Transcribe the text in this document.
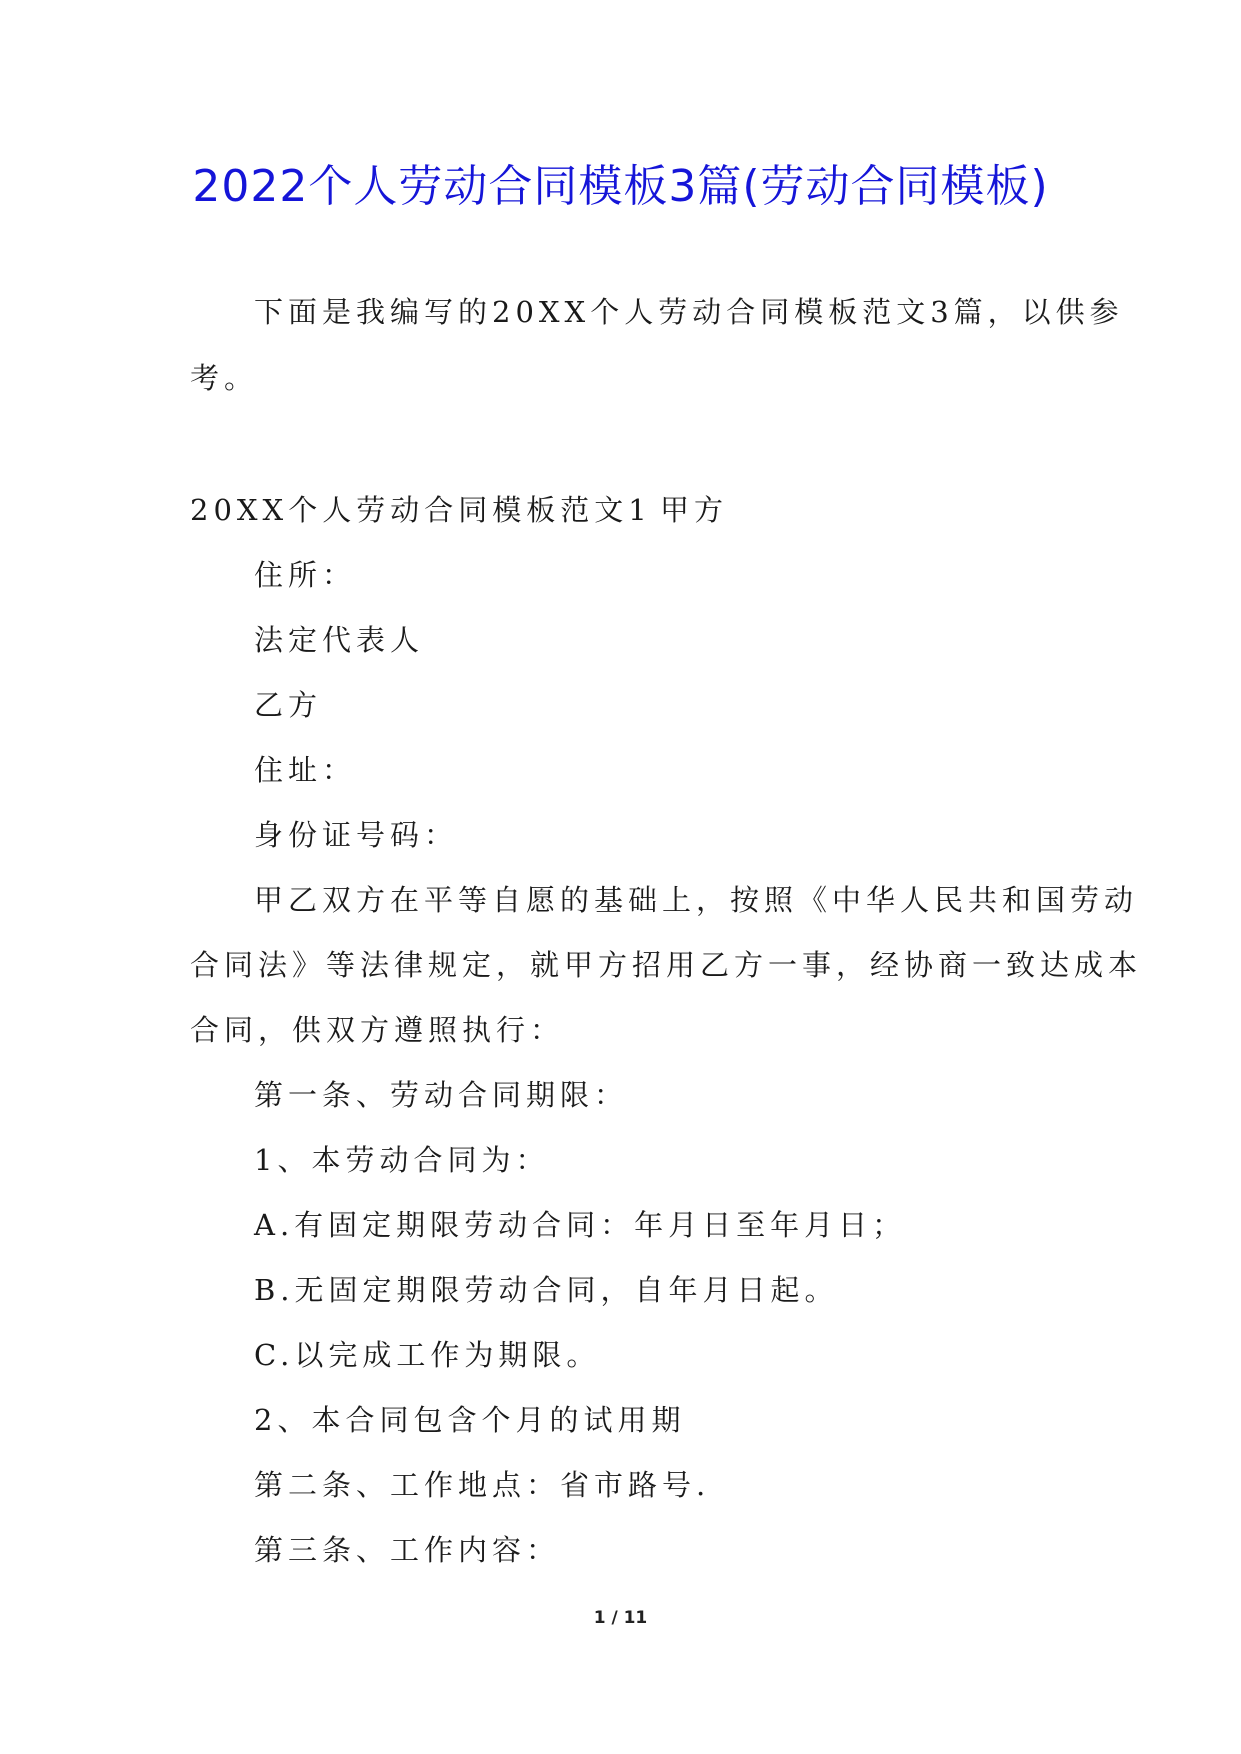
2022个人劳动合同模板3篇(劳动合同模板)
下面是我编写的20XX个人劳动合同模板范文3篇，以供参
考。
20XX个人劳动合同模板范文1 甲方
住所：
法定代表人
乙方
住址：
身份证号码：
甲乙双方在平等自愿的基础上，按照《中华人民共和国劳动
合同法》等法律规定，就甲方招用乙方一事，经协商一致达成本
合同，供双方遵照执行：
第一条、劳动合同期限：
1、本劳动合同为：
A.有固定期限劳动合同：年月日至年月日；
B.无固定期限劳动合同，自年月日起。
C.以完成工作为期限。
2、本合同包含个月的试用期
第二条、工作地点：省市路号.
第三条、工作内容：
1 / 11
